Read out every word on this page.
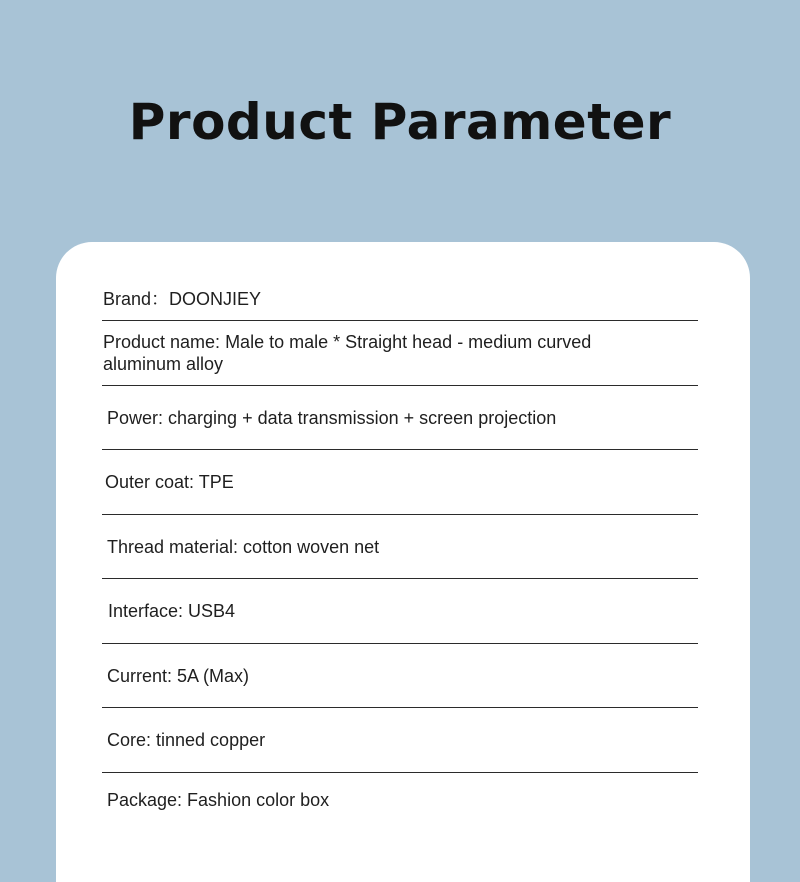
Product Parameter
Brand：DOONJIEY
Product name: Male to male * Straight head - medium curved aluminum alloy
Power: charging + data transmission + screen projection
Outer coat: TPE
Thread material: cotton woven net
Interface: USB4
Current: 5A (Max)
Core: tinned copper
Package: Fashion color box
